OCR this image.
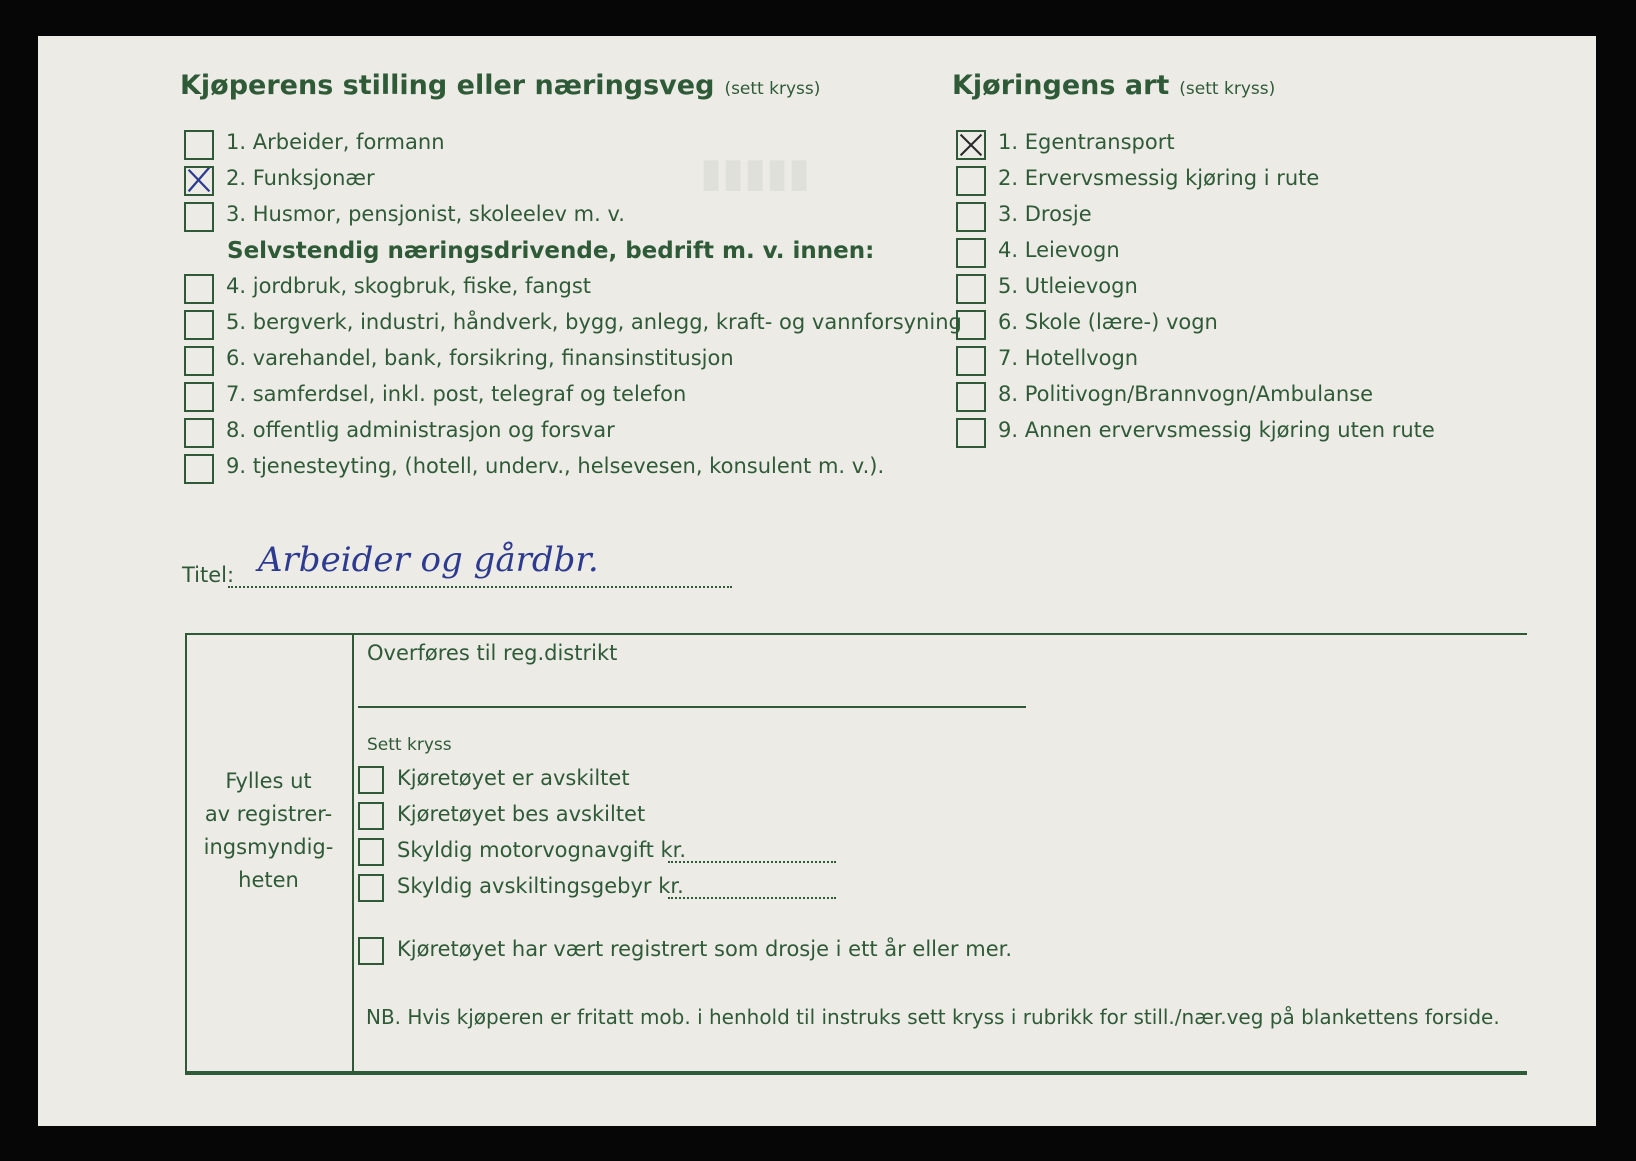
▮▮▮▮▮
Kjøperens stilling eller næringsveg (sett kryss)
1. Arbeider, formann
2. Funksjonær
3. Husmor, pensjonist, skoleelev m. v.
Selvstendig næringsdrivende, bedrift m. v. innen:
4. jordbruk, skogbruk, fiske, fangst
5. bergverk, industri, håndverk, bygg, anlegg, kraft- og vannforsyning
6. varehandel, bank, forsikring, finansinstitusjon
7. samferdsel, inkl. post, telegraf og telefon
8. offentlig administrasjon og forsvar
9. tjenesteyting, (hotell, underv., helsevesen, konsulent m. v.).
Kjøringens art (sett kryss)
1. Egentransport
2. Ervervsmessig kjøring i rute
3. Drosje
4. Leievogn
5. Utleievogn
6. Skole (lære-) vogn
7. Hotellvogn
8. Politivogn/Brannvogn/Ambulanse
9. Annen ervervsmessig kjøring uten rute
Titel: Arbeider og gårdbr.
Fylles ut
av registrer-
ingsmyndig-
heten
Overføres til reg.distrikt
Sett kryss
Kjøretøyet er avskiltet
Kjøretøyet bes avskiltet
Skyldig motorvognavgift kr.
Skyldig avskiltingsgebyr kr.
Kjøretøyet har vært registrert som drosje i ett år eller mer.
NB. Hvis kjøperen er fritatt mob. i henhold til instruks sett kryss i rubrikk for still./nær.veg på blankettens forside.
